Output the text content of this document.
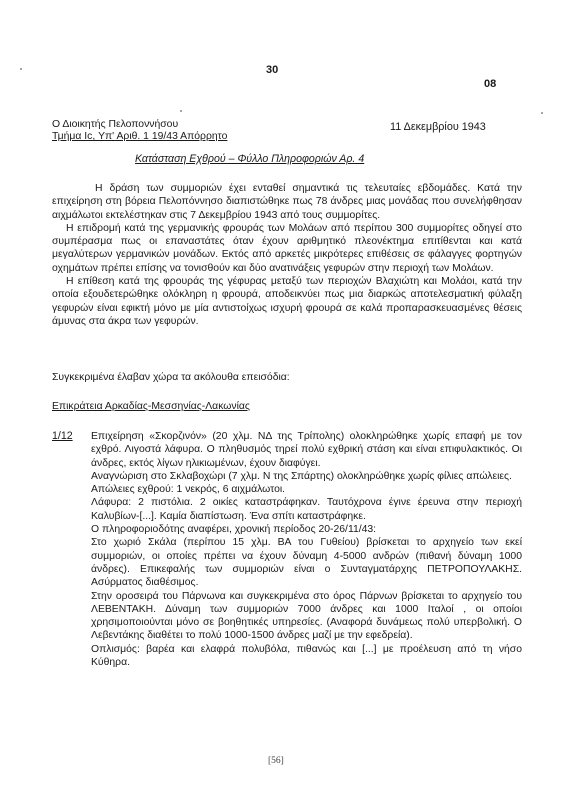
30
08
Ο Διοικητής Πελοποννήσου
Τμήμα Ic, Υπ' Αριθ. 1 19/43 Απόρρητο
11 Δεκεμβρίου 1943
Κατάσταση Εχθρού – Φύλλο Πληροφοριών Αρ. 4

Η δράση των συμμοριών έχει ενταθεί σημαντικά τις τελευταίες εβδομάδες. Κατά την επιχείρηση στη βόρεια Πελοπόννησο διαπιστώθηκε πως 78 άνδρες μιας μονάδας που συνελήφθησαν αιχμάλωτοι εκτελέστηκαν στις 7 Δεκεμβρίου 1943 από τους συμμορίτες.

Η επιδρομή κατά της γερμανικής φρουράς των Μολάων από περίπου 300 συμμορίτες οδηγεί στο συμπέρασμα πως οι επαναστάτες όταν έχουν αριθμητικό πλεονέκτημα επιτίθενται και κατά μεγαλύτερων γερμανικών μονάδων. Εκτός από αρκετές μικρότερες επιθέσεις σε φάλαγγες φορτηγών οχημάτων πρέπει επίσης να τονισθούν και δύο ανατινάξεις γεφυρών στην περιοχή των Μολάων.

Η επίθεση κατά της φρουράς της γέφυρας μεταξύ των περιοχών Βλαχιώτη και Μολάοι, κατά την οποία εξουδετερώθηκε ολόκληρη η φρουρά, αποδεικνύει πως μια διαρκώς αποτελεσματική φύλαξη γεφυρών είναι εφικτή μόνο με μία αντιστοίχως ισχυρή φρουρά σε καλά προπαρασκευασμένες θέσεις άμυνας στα άκρα των γεφυρών.

Συγκεκριμένα έλαβαν χώρα τα ακόλουθα επεισόδια:
Επικράτεια Αρκαδίας-Μεσσηνίας-Λακωνίας
1/12 Επιχείρηση «Σκορζινόν» (20 χλμ. ΝΔ της Τρίπολης) ολοκληρώθηκε χωρίς επαφή με τον εχθρό. Λιγοστά λάφυρα. Ο πληθυσμός τηρεί πολύ εχθρική στάση και είναι επιφυλακτικός. Οι άνδρες, εκτός λίγων ηλικιωμένων, έχουν διαφύγει.

Αναγνώριση στο Σκλαβοχώρι (7 χλμ. Ν της Σπάρτης) ολοκληρώθηκε χωρίς φίλιες απώλειες.

Απώλειες εχθρού: 1 νεκρός, 6 αιχμάλωτοι.

Λάφυρα: 2 πιστόλια. 2 οικίες καταστράφηκαν. Ταυτόχρονα έγινε έρευνα στην περιοχή Καλυβίων-[...]. Καμία διαπίστωση. Ένα σπίτι καταστράφηκε.

Ο πληροφοριοδότης αναφέρει, χρονική περίοδος 20-26/11/43:

Στο χωριό Σκάλα (περίπου 15 χλμ. ΒΑ του Γυθείου) βρίσκεται το αρχηγείο των εκεί συμμοριών, οι οποίες πρέπει να έχουν δύναμη 4-5000 ανδρών (πιθανή δύναμη 1000 άνδρες). Επικεφαλής των συμμοριών είναι ο Συνταγματάρχης ΠΕΤΡΟΠΟΥΛΑΚΗΣ. Ασύρματος διαθέσιμος.

Στην οροσειρά του Πάρνωνα και συγκεκριμένα στο όρος Πάρνων βρίσκεται το αρχηγείο του ΛΕΒΕΝΤΑΚΗ. Δύναμη των συμμοριών 7000 άνδρες και 1000 Ιταλοί , οι οποίοι χρησιμοποιούνται μόνο σε βοηθητικές υπηρεσίες. (Αναφορά δυνάμεως πολύ υπερβολική. Ο Λεβεντάκης διαθέτει το πολύ 1000-1500 άνδρες μαζί με την εφεδρεία).

Οπλισμός: βαρέα και ελαφρά πολυβόλα, πιθανώς και [...] με προέλευση από τη νήσο Κύθηρα.

[56]
